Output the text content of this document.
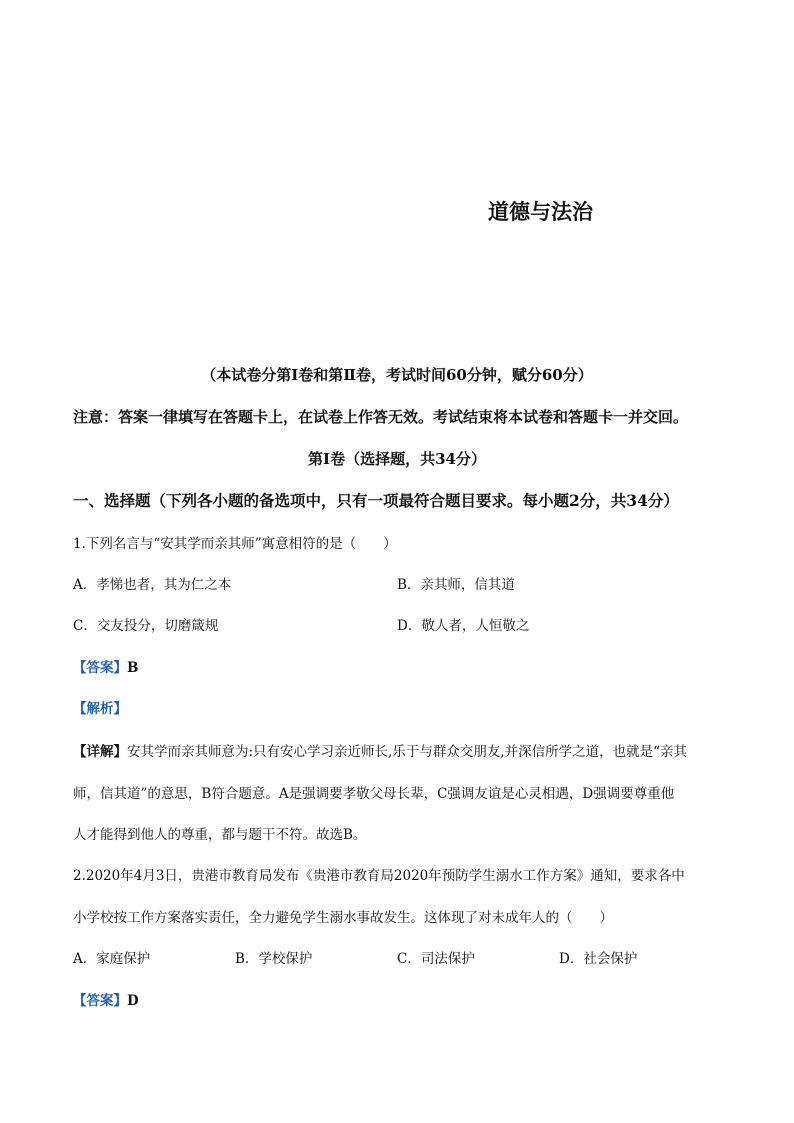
道德与法治
（本试卷分第Ⅰ卷和第Ⅱ卷，考试时间60分钟，赋分60分）
注意：答案一律填写在答题卡上，在试卷上作答无效。考试结束将本试卷和答题卡一并交回。
第Ⅰ卷（选择题，共34分）
一、选择题（下列各小题的备选项中，只有一项最符合题目要求。每小题2分，共34分）
1.下列名言与“安其学而亲其师”寓意相符的是（　　）
A．孝悌也者，其为仁之本	B．亲其师，信其道
C．交友投分，切磨箴规	D．敬人者，人恒敬之
【答案】B
【解析】
【详解】安其学而亲其师意为:只有安心学习亲近师长,乐于与群众交朋友,并深信所学之道，也就是“亲其
师，信其道”的意思，B符合题意。A是强调要孝敬父母长辈，C强调友谊是心灵相遇，D强调要尊重他
人才能得到他人的尊重，都与题干不符。故选B。
2.2020年4月3日，贵港市教育局发布《贵港市教育局2020年预防学生溺水工作方案》通知，要求各中
小学校按工作方案落实责任，全力避免学生溺水事故发生。这体现了对未成年人的（　　）
A．家庭保护	B．学校保护	C．司法保护	D．社会保护
【答案】D
